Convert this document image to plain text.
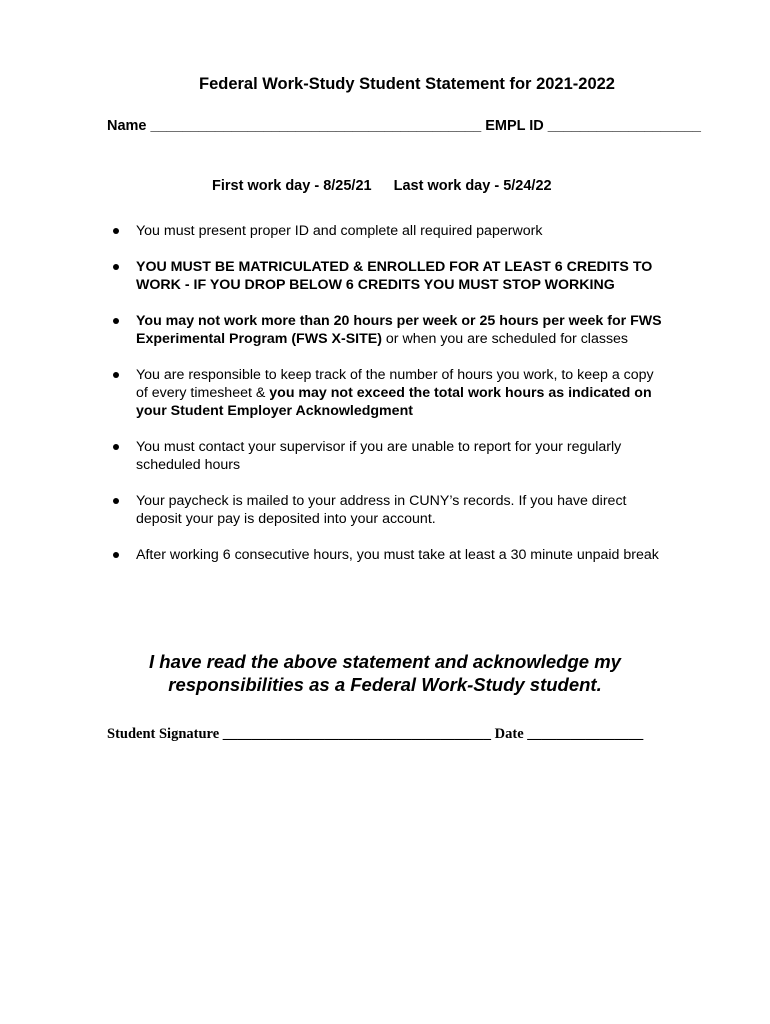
Federal Work-Study Student Statement for 2021-2022
Name _________________________________________ EMPL ID ___________________
First work day - 8/25/21 Last work day - 5/24/22
You must present proper ID and complete all required paperwork
YOU MUST BE MATRICULATED & ENROLLED FOR AT LEAST 6 CREDITS TO WORK - IF YOU DROP BELOW 6 CREDITS YOU MUST STOP WORKING
You may not work more than 20 hours per week or 25 hours per week for FWS Experimental Program (FWS X-SITE) or when you are scheduled for classes
You are responsible to keep track of the number of hours you work, to keep a copy of every timesheet & you may not exceed the total work hours as indicated on your Student Employer Acknowledgment
You must contact your supervisor if you are unable to report for your regularly scheduled hours
Your paycheck is mailed to your address in CUNY’s records. If you have direct deposit your pay is deposited into your account.
After working 6 consecutive hours, you must take at least a 30 minute unpaid break
I have read the above statement and acknowledge my
responsibilities as a Federal Work-Study student.
Student Signature _____________________________________ Date ________________
